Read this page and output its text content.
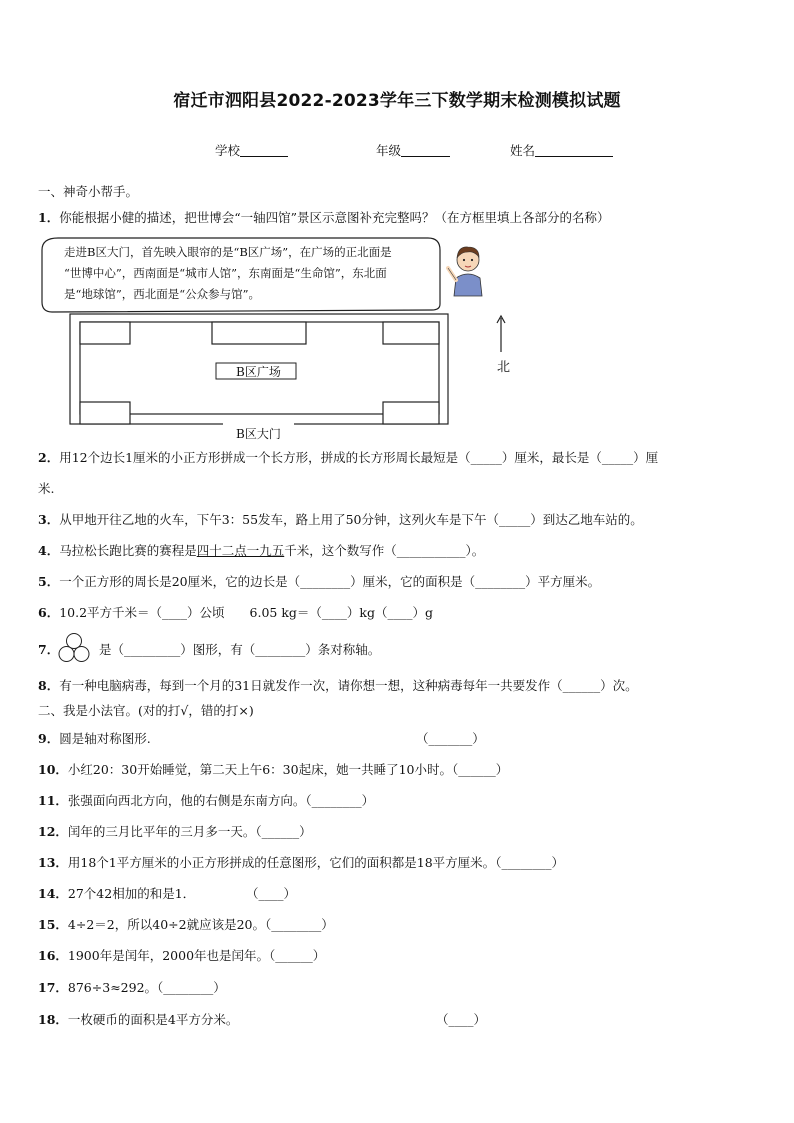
宿迁市泗阳县2022-2023学年三下数学期末检测模拟试题
学校	年级	姓名
一、神奇小帮手。
1．你能根据小健的描述，把世博会“一轴四馆”景区示意图补充完整吗？（在方框里填上各部分的名称）
走进B区大门，首先映入眼帘的是“B区广场”，在广场的正北面是
“世博中心”，西南面是“城市人馆”，东南面是“生命馆”，东北面
是“地球馆”，西北面是“公众参与馆”。
B区广场
B区大门
北
2．用12个边长1厘米的小正方形拼成一个长方形，拼成的长方形周长最短是（_____）厘米，最长是（_____）厘
米.
3．从甲地开往乙地的火车，下午3：55发车，路上用了50分钟，这列火车是下午（_____）到达乙地车站的。
4．马拉松长跑比赛的赛程是四十二点一九五千米，这个数写作（___________）。
5．一个正方形的周长是20厘米，它的边长是（________）厘米，它的面积是（________）平方厘米。
6．10.2平方千米＝（____）公顷　　6.05 kg＝（____）kg（____）g
7．	是（_________）图形，有（________）条对称轴。
8．有一种电脑病毒，每到一个月的31日就发作一次，请你想一想，这种病毒每年一共要发作（______）次。
二、我是小法官。(对的打√，错的打×)
9．圆是轴对称图形.	（_______）
10．小红20：30开始睡觉，第二天上午6：30起床，她一共睡了10小时。（______）
11．张强面向西北方向，他的右侧是东南方向。（________）
12．闰年的三月比平年的三月多一天。（______）
13．用18个1平方厘米的小正方形拼成的任意图形，它们的面积都是18平方厘米。（________）
14．27个42相加的和是1．	（____）
15．4÷2＝2，所以40÷2就应该是20。（________）
16．1900年是闰年，2000年也是闰年。（______）
17．876÷3≈292。（________）
18．一枚硬币的面积是4平方分米。	（____）
